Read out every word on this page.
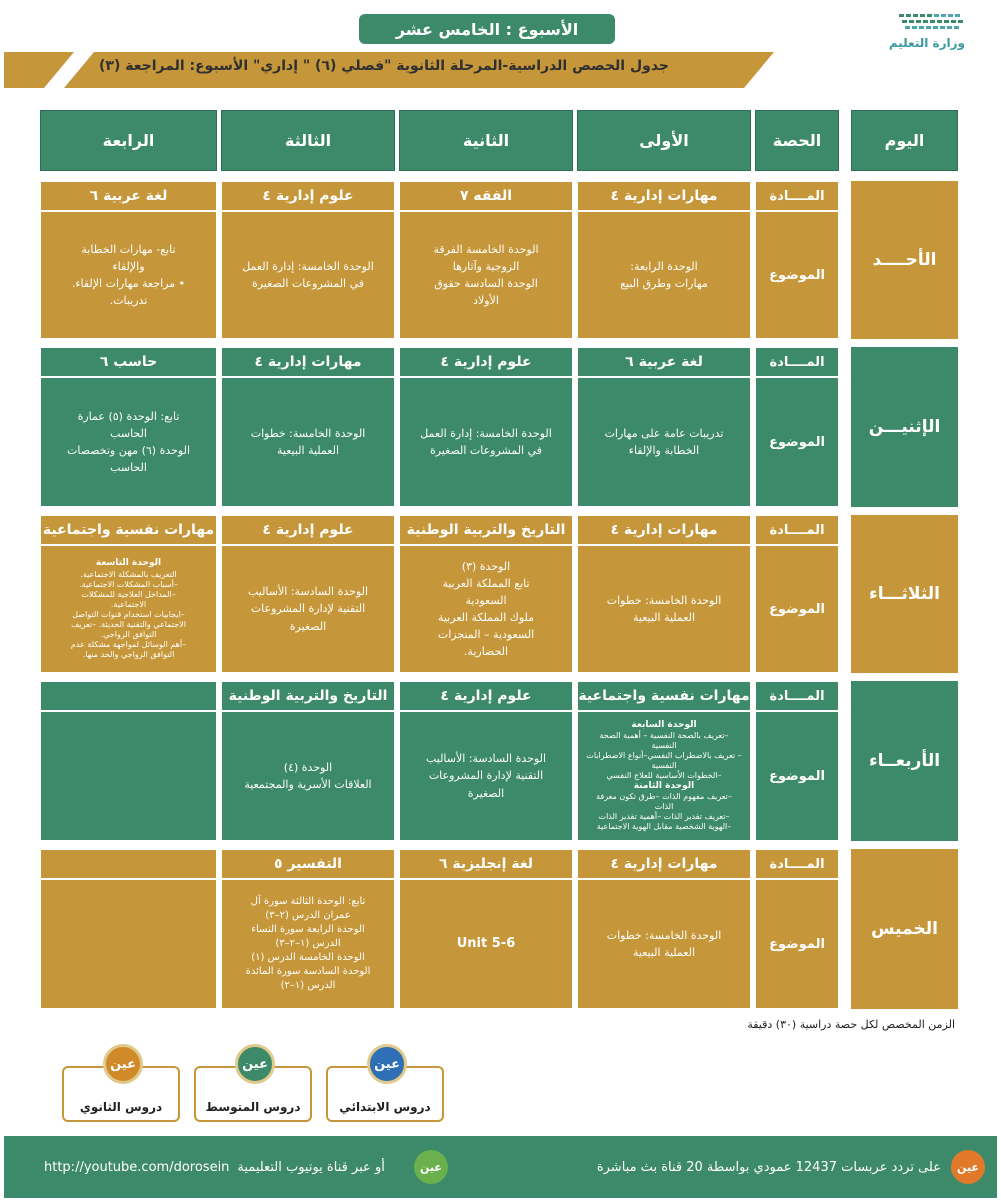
الأسبوع : الخامس عشر
وزارة التعليم
جدول الحصص الدراسية-المرحلة الثانوية "فصلي (٦) " إداري" الأسبوع: المراجعة (٣)
اليوم
الحصة
الأولى
الثانية
الثالثة
الرابعة
الأحــــد
المــــادة
الموضوع
مهارات إدارية ٤
الفقه ٧
علوم إدارية ٤
لغة عربية ٦
الوحدة الرابعة:
مهارات وطرق البيع
الوحدة الخامسة الفرقة
الزوجية وآثارها
الوحدة السادسة حقوق
الأولاد
الوحدة الخامسة: إدارة العمل
في المشروعات الصغيرة
تابع- مهارات الخطابة
والإلقاء
• مراجعة مهارات الإلقاء.
تدريبات.
الإثنيـــن
المــــادة
الموضوع
لغة عربية ٦
علوم إدارية ٤
مهارات إدارية ٤
حاسب ٦
تدريبات عامة على مهارات
الخطابة والإلقاء
الوحدة الخامسة: إدارة العمل
في المشروعات الصغيرة
الوحدة الخامسة: خطوات
العملية البيعية
تابع: الوحدة (٥) عمارة
الحاسب
الوحدة (٦) مهن وتخصصات
الحاسب
الثلاثـــاء
المــــادة
الموضوع
مهارات إدارية ٤
التاريخ والتربية الوطنية
علوم إدارية ٤
مهارات نفسية واجتماعية
الوحدة الخامسة: خطوات
العملية البيعية
الوحدة (٣)
تابع المملكة العربية
السعودية
ملوك المملكة العربية
السعودية – المنجزات
الحضارية.
الوحدة السادسة: الأساليب
التقنية لإدارة المشروعات
الصغيرة
الوحدة التاسعة
التعريف بالمشكلة الاجتماعية.
–أسباب المشكلات الاجتماعية.
–المداخل العلاجية للمشكلات
الاجتماعية.
–ايجابيات استخدام قنوات التواصل
الاجتماعي والتقنية الحديثة. –تعريف
التوافق الزواجي.
–أهم الوسائل لمواجهة مشكلة عدم
التوافق الزواجي والحد منها.
الأربعــاء
المــــادة
الموضوع
مهارات نفسية واجتماعية
علوم إدارية ٤
التاريخ والتربية الوطنية
الوحدة السابعة
–تعريف بالصحة النفسية – أهمية الصحة النفسية
– تعريف بالاضطراب النفسي–أنواع الاضطرابات
النفسية
–الخطوات الأساسية للعلاج النفسي
الوحدة الثامنة
–تعريف مفهوم الذات –طرق تكون معرفة
الذات
–تعريف تقدير الذات –أهمية تقدير الذات
–الهوية الشخصية مقابل الهوية الاجتماعية
الوحدة السادسة: الأساليب
التقنية لإدارة المشروعات
الصغيرة
الوحدة (٤)
العلاقات الأسرية والمجتمعية
الخميس
المــــادة
الموضوع
مهارات إدارية ٤
لغة إنجليزية ٦
التفسير ٥
الوحدة الخامسة: خطوات
العملية البيعية
Unit 5-6
تابع: الوحدة الثالثة سورة آل
عمران الدرس (٢–٣)
الوحدة الرابعة سورة النساء
الدرس (١–٢–٣)
الوحدة الخامسة الدرس (١)
الوحدة السادسة سورة المائدة
الدرس (١–٢)
الزمن المخصص لكل حصة دراسية (٣٠) دقيقة
عين
دروس الابتدائي
عين
دروس المتوسط
عين
دروس الثانوي
عين
على تردد عربسات 12437 عمودي بواسطة 20 قناة بث مباشرة
عين
أو عبر قناة يوتيوب التعليمية
http://youtube.com/dorosein
